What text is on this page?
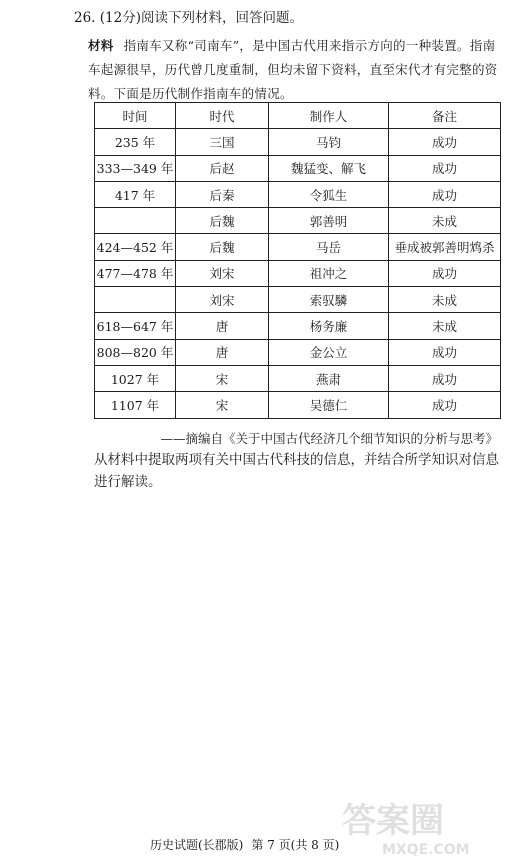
26. (12分)阅读下列材料，回答问题。
材料 指南车又称“司南车”，是中国古代用来指示方向的一种装置。指南车起源很早，历代曾几度重制，但均未留下资料，直至宋代才有完整的资料。下面是历代制作指南车的情况。
时间	时代	制作人	备注
235 年	三国	马钧	成功
333—349 年	后赵	魏猛变、解飞	成功
417 年	后秦	令狐生	成功
	后魏	郭善明	未成
424—452 年	后魏	马岳	垂成被郭善明鸩杀
477—478 年	刘宋	祖冲之	成功
	刘宋	索驭驎	未成
618—647 年	唐	杨务廉	未成
808—820 年	唐	金公立	成功
1027 年	宋	燕肃	成功
1107 年	宋	吴德仁	成功
——摘编自《关于中国古代经济几个细节知识的分析与思考》
从材料中提取两项有关中国古代科技的信息，并结合所学知识对信息进行解读。
答案圈
MXQE.COM
历史试题(长郡版) 第 7 页(共 8 页)
